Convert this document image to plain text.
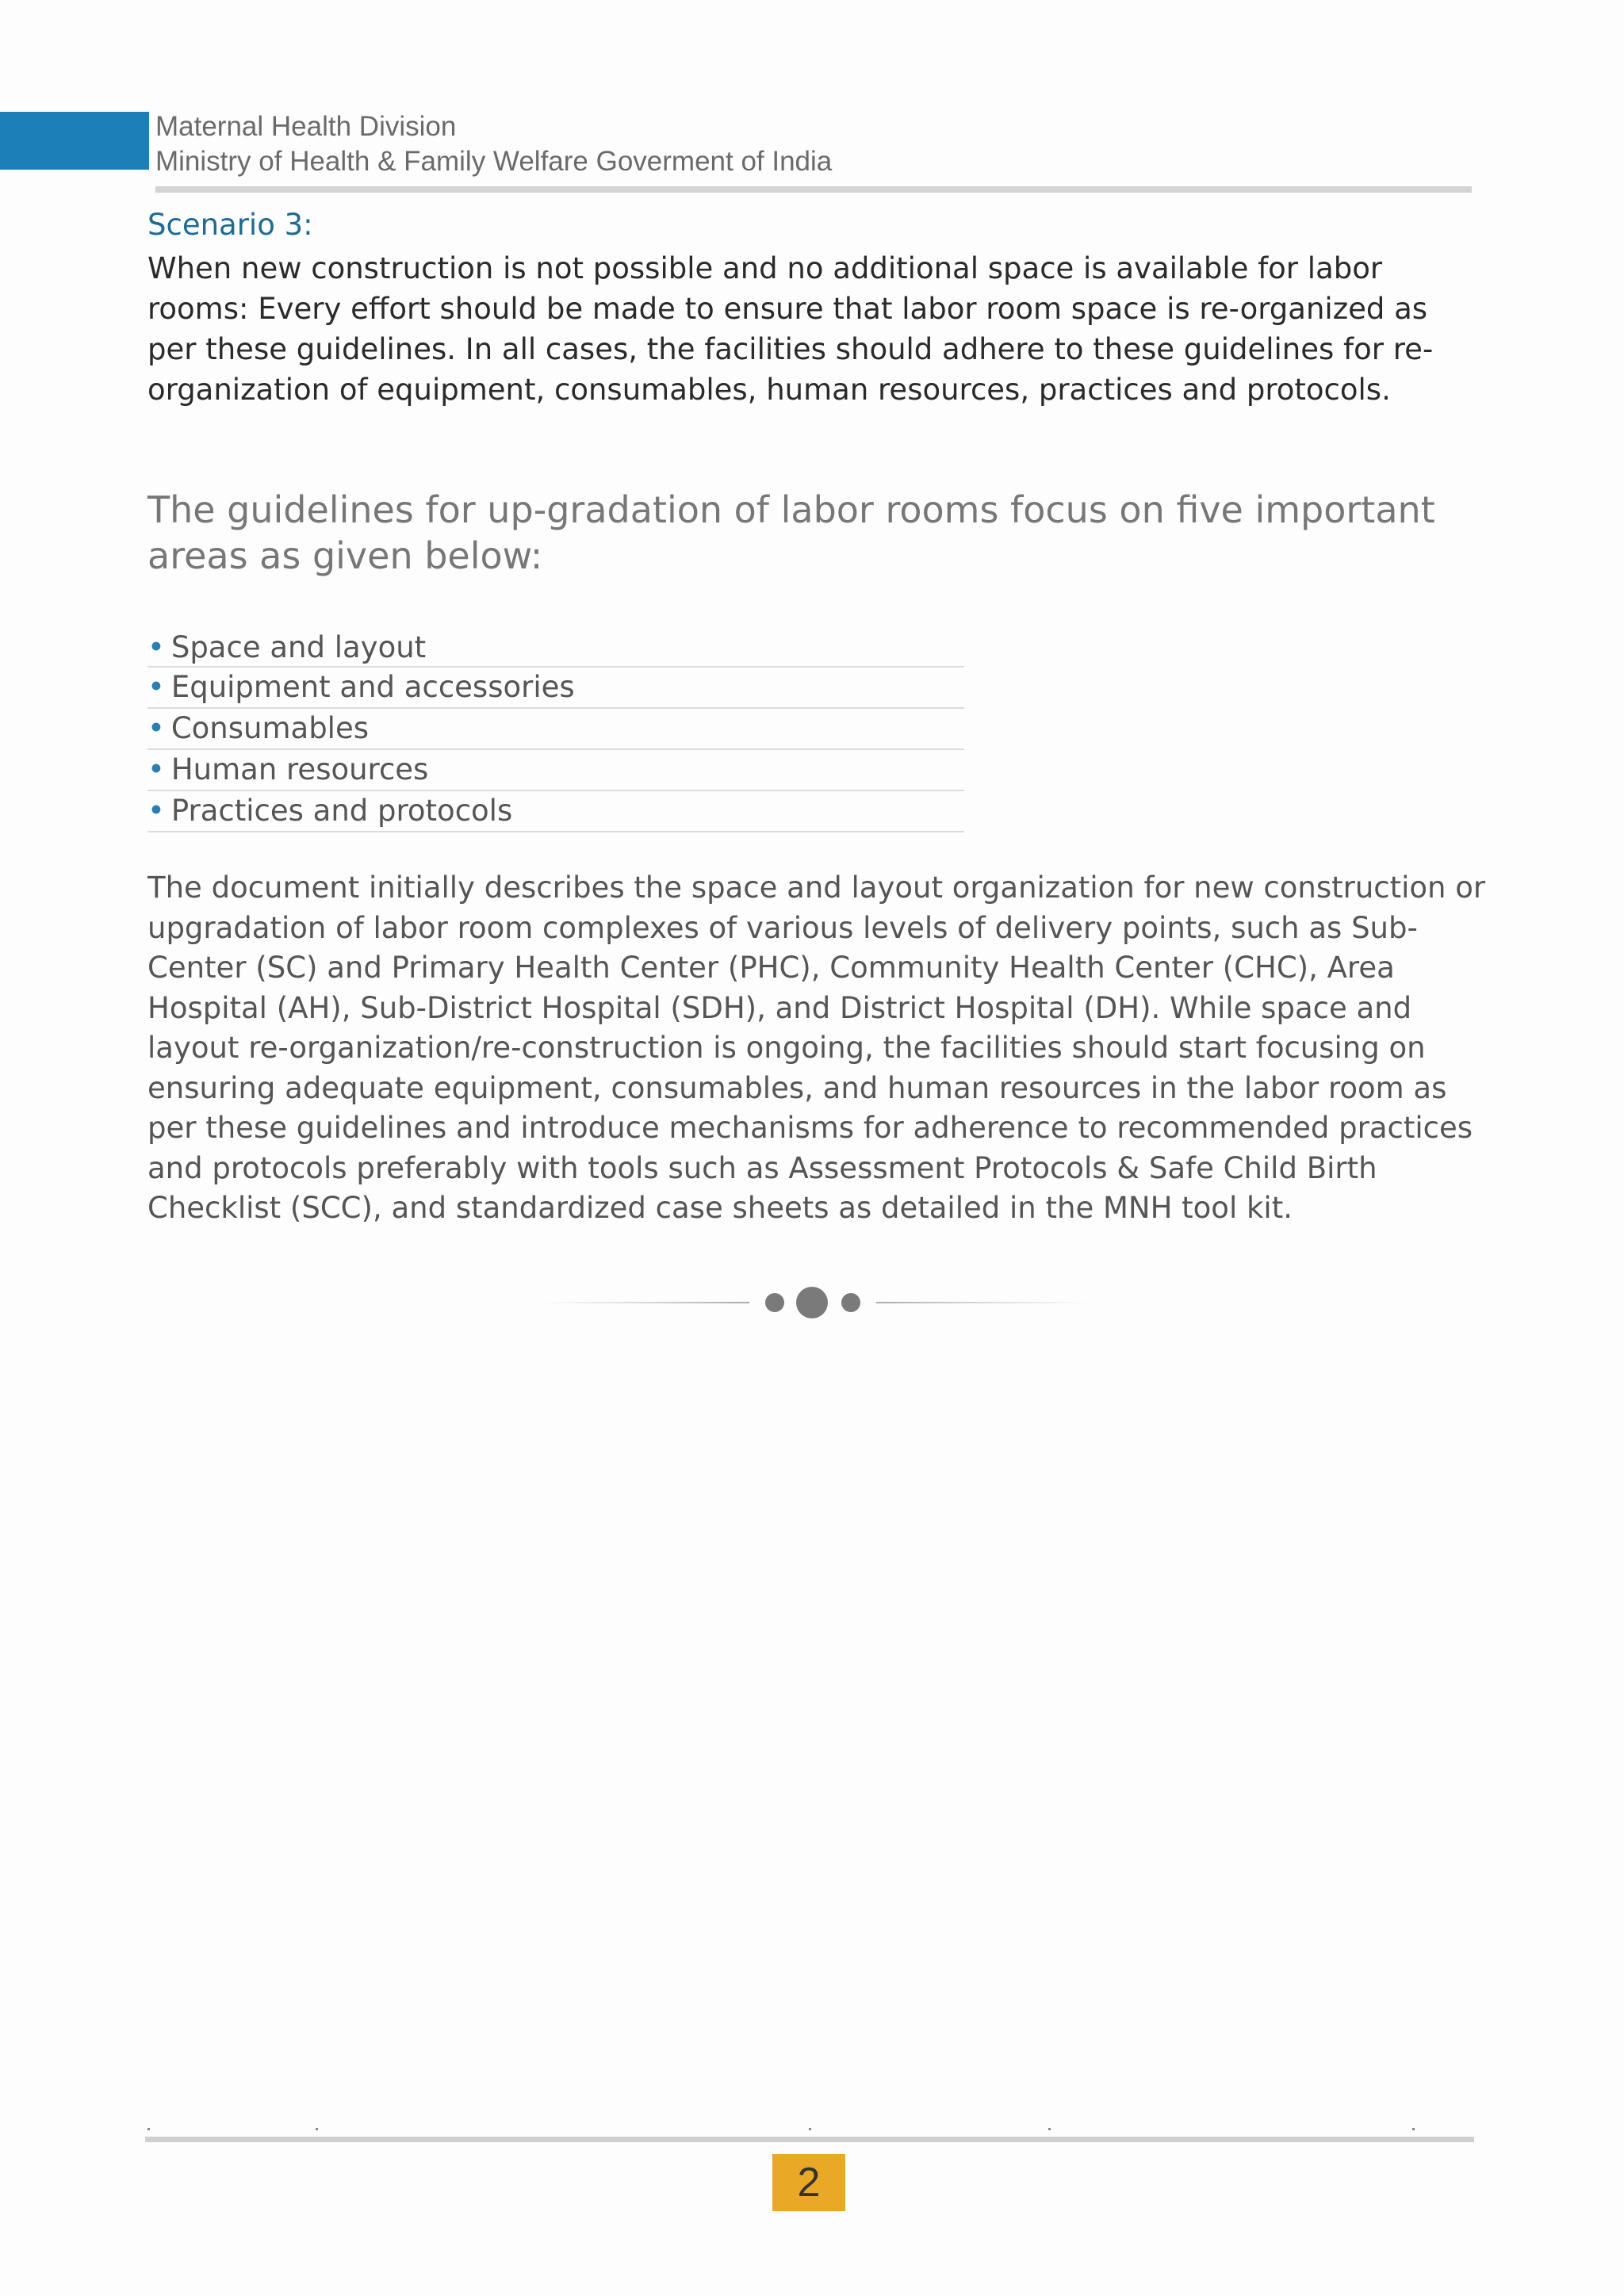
Maternal Health Division
Ministry of Health & Family Welfare Goverment of India
Scenario 3:

When new construction is not possible and no additional space is available for labor rooms: Every effort should be made to ensure that labor room space is re-organized as per these guidelines. In all cases, the facilities should adhere to these guidelines for re-organization of equipment, consumables, human resources, practices and protocols.

The guidelines for up-gradation of labor rooms focus on five important areas as given below:
• Space and layout
• Equipment and accessories
• Consumables
• Human resources
• Practices and protocols

The document initially describes the space and layout organization for new construction or upgradation of labor room complexes of various levels of delivery points, such as Sub-Center (SC) and Primary Health Center (PHC), Community Health Center (CHC), Area Hospital (AH), Sub-District Hospital (SDH), and District Hospital (DH). While space and layout re-organization/re-construction is ongoing, the facilities should start focusing on ensuring adequate equipment, consumables, and human resources in the labor room as per these guidelines and introduce mechanisms for adherence to recommended practices and protocols preferably with tools such as Assessment Protocols & Safe Child Birth Checklist (SCC), and standardized case sheets as detailed in the MNH tool kit.

2
